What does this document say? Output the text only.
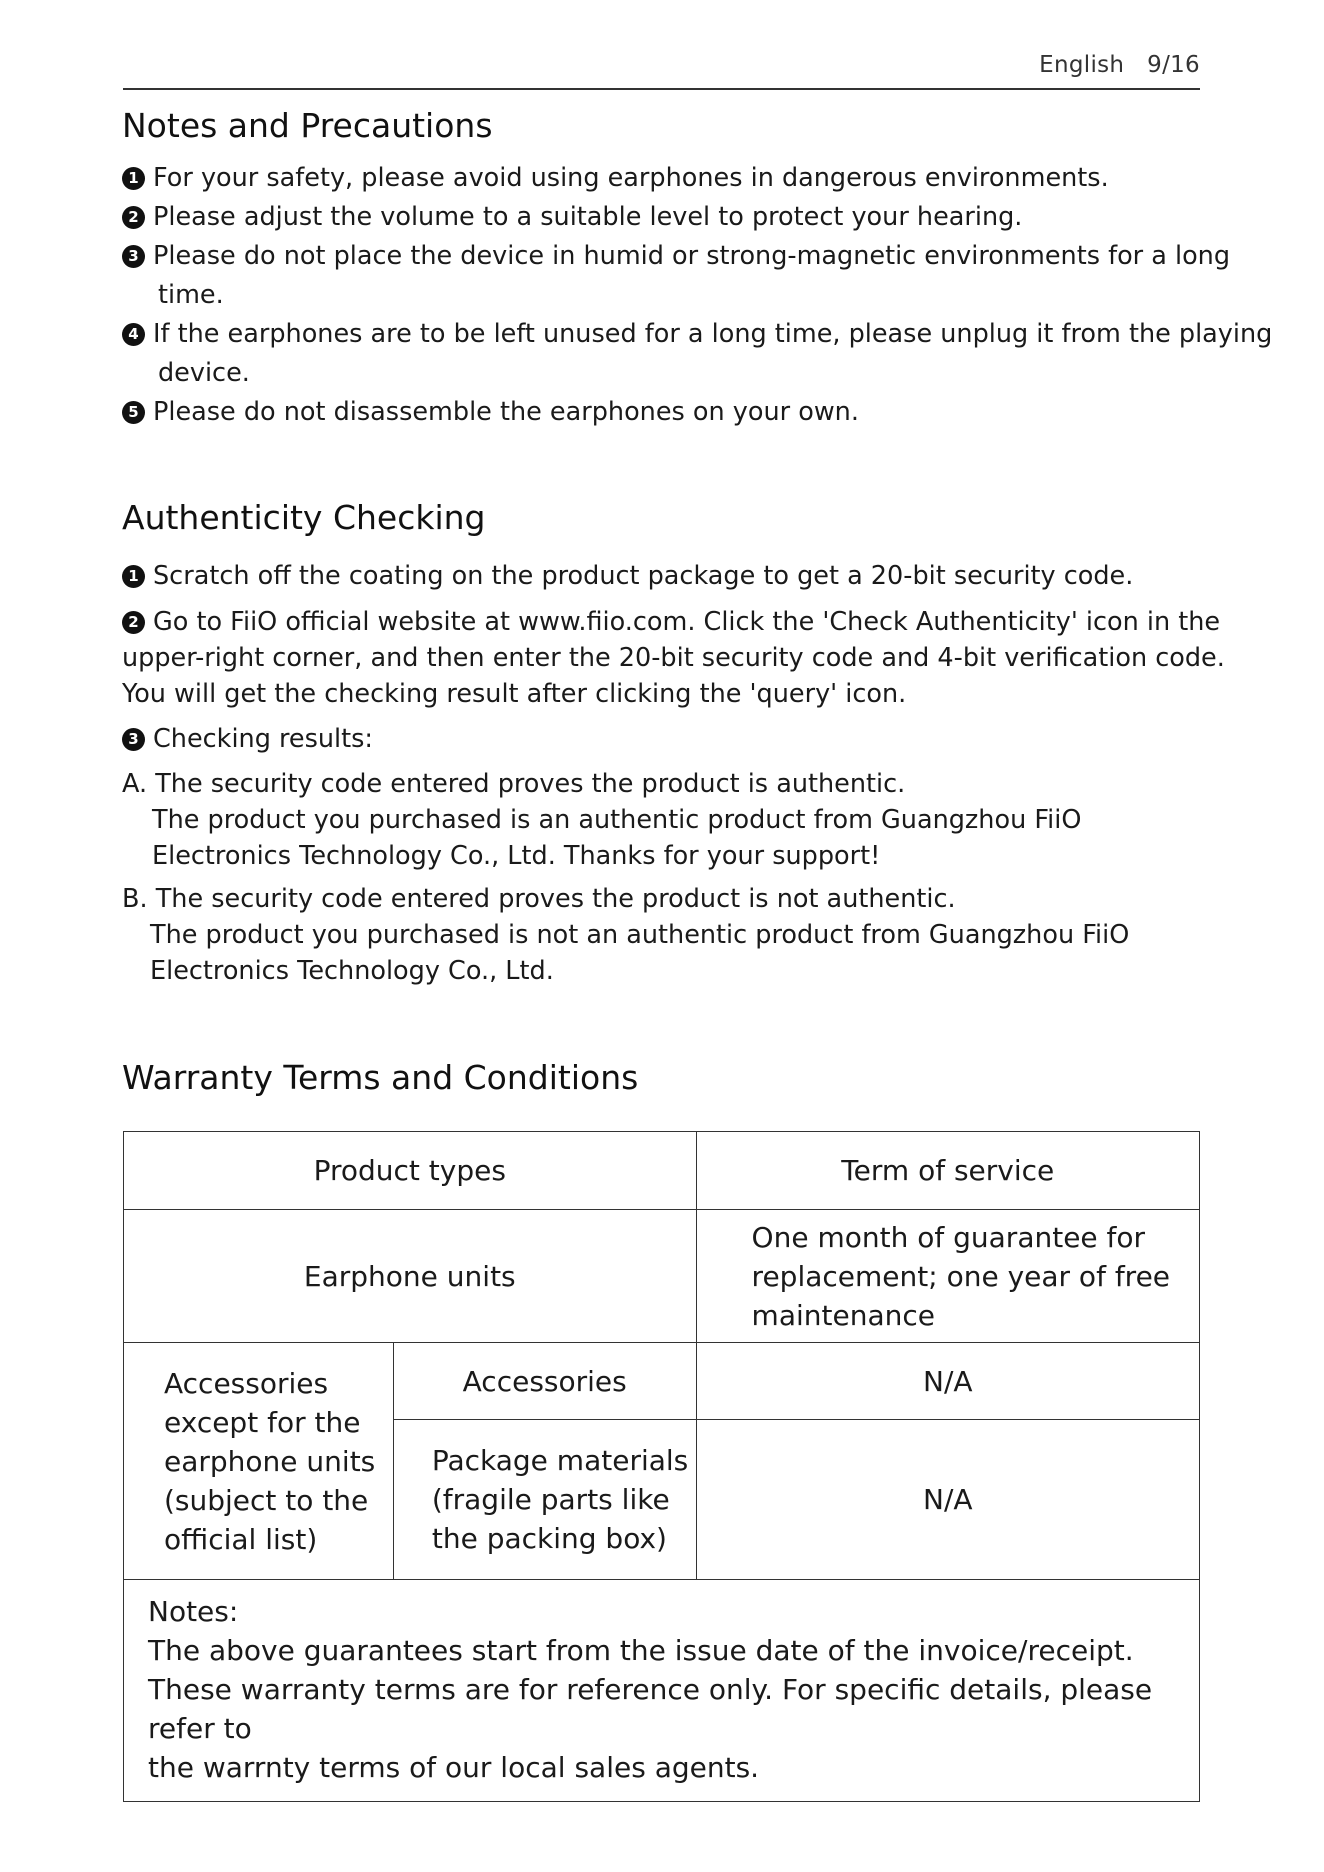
English 9/16
Notes and Precautions
1 For your safety, please avoid using earphones in dangerous environments.
2 Please adjust the volume to a suitable level to protect your hearing.
3 Please do not place the device in humid or strong-magnetic environments for a long
time.
4 If the earphones are to be left unused for a long time, please unplug it from the playing
device.
5 Please do not disassemble the earphones on your own.
Authenticity Checking
1 Scratch off the coating on the product package to get a 20-bit security code.
2 Go to FiiO official website at www.fiio.com. Click the 'Check Authenticity' icon in the
upper-right corner, and then enter the 20-bit security code and 4-bit verification code.
You will get the checking result after clicking the 'query' icon.
3 Checking results:
A. The security code entered proves the product is authentic.
The product you purchased is an authentic product from Guangzhou FiiO
Electronics Technology Co., Ltd. Thanks for your support!
B. The security code entered proves the product is not authentic.
The product you purchased is not an authentic product from Guangzhou FiiO
Electronics Technology Co., Ltd.
Warranty Terms and Conditions
Product types		Term of service
Earphone units		One month of guarantee for
replacement; one year of free
maintenance

Accessories
except for the
earphone units
(subject to the
official list)	Accessories	N/A

	Package materials
(fragile parts like
the packing box)	N/A

Notes:
The above guarantees start from the issue date of the invoice/receipt.
These warranty terms are for reference only. For specific details, please refer to
the warrnty terms of our local sales agents.		
